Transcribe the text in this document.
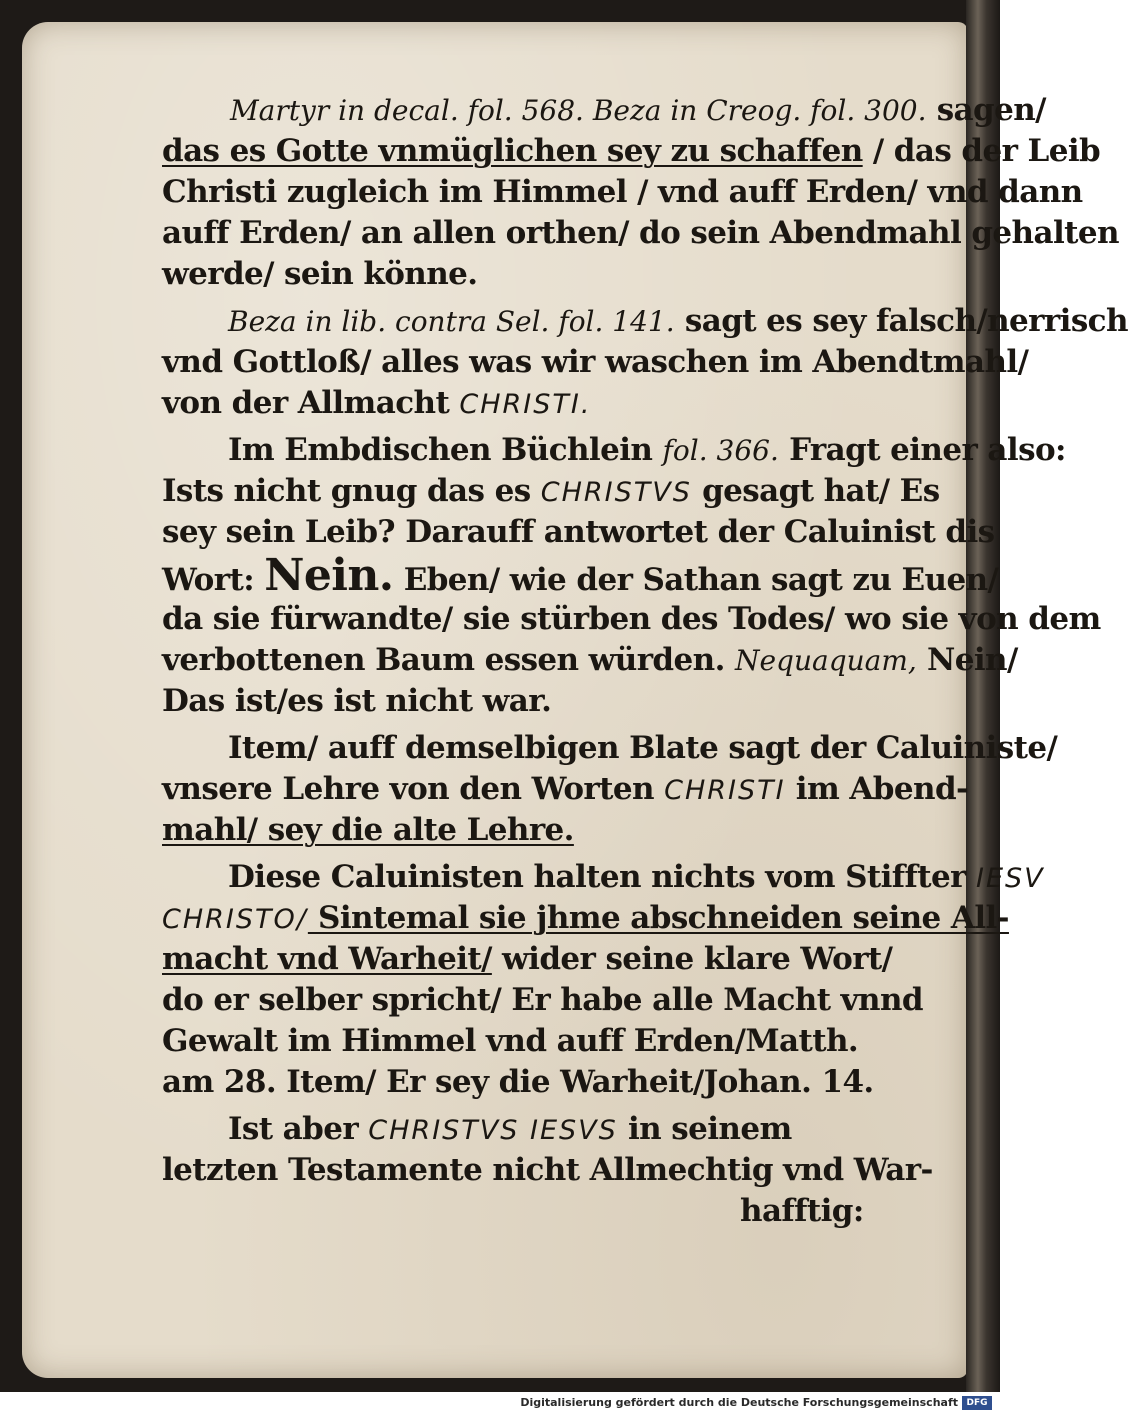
Martyr in decal. fol. 568. Beza in Creog. fol. 300. sagen/
das es Gotte vnmüglichen sey zu schaffen / das der Leib
Christi zugleich im Himmel / vnd auff Erden/ vnd dann
auff Erden/ an allen orthen/ do sein Abendmahl gehalten
werde/ sein könne.
Beza in lib. contra Sel. fol. 141. sagt es sey falsch/nerrisch
vnd Gottloß/ alles was wir waschen im Abendtmahl/
von der Allmacht CHRISTI.
Im Embdischen Büchlein fol. 366. Fragt einer also:
Ists nicht gnug das es CHRISTVS gesagt hat/ Es
sey sein Leib? Darauff antwortet der Caluinist dis
Wort: Nein. Eben/ wie der Sathan sagt zu Euen/
da sie fürwandte/ sie stürben des Todes/ wo sie von dem
verbottenen Baum essen würden. Nequaquam, Nein/
Das ist/es ist nicht war.
Item/ auff demselbigen Blate sagt der Caluiniste/
vnsere Lehre von den Worten CHRISTI im Abend-
mahl/ sey die alte Lehre.
Diese Caluinisten halten nichts vom Stiffter IESV
CHRISTO/ Sintemal sie jhme abschneiden seine All-
macht vnd Warheit/ wider seine klare Wort/
do er selber spricht/ Er habe alle Macht vnnd
Gewalt im Himmel vnd auff Erden/Matth.
am 28. Item/ Er sey die Warheit/Johan. 14.
Ist aber CHRISTVS IESVS in seinem
letzten Testamente nicht Allmechtig vnd War-
hafftig:
Digitalisierung gefördert durch die Deutsche Forschungsgemeinschaft DFG
